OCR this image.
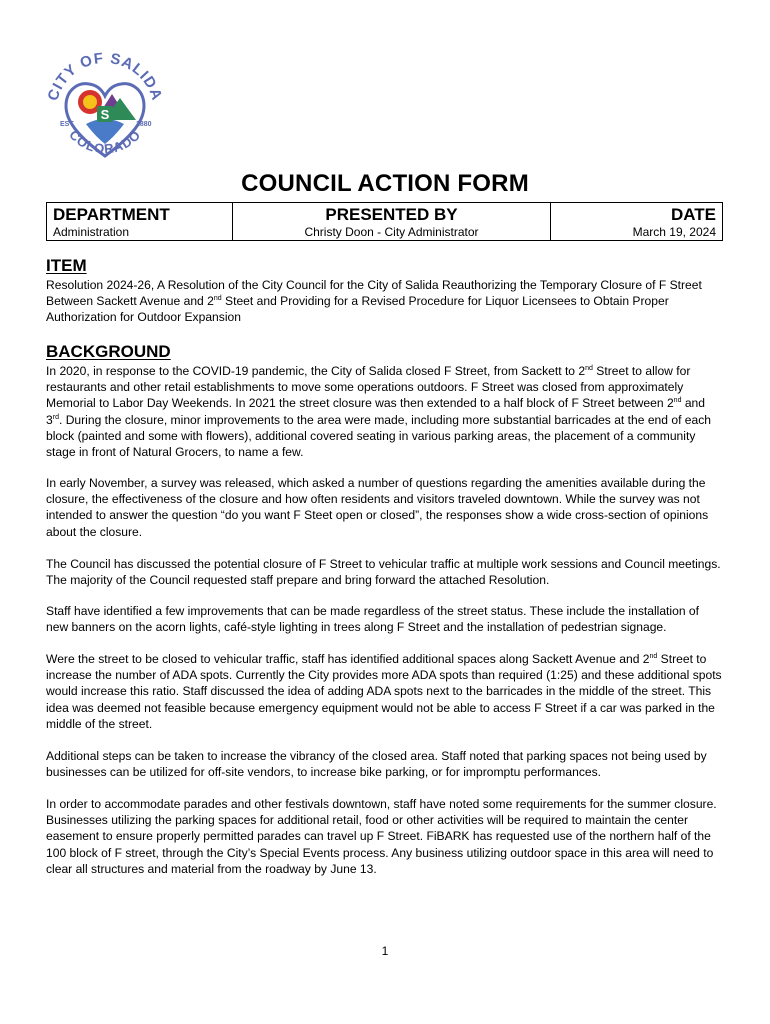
S
CITY OF SALIDA
COLORADO
EST.	1880
COUNCIL ACTION FORM
DEPARTMENT
Administration

PRESENTED BY
Christy Doon - City Administrator

DATE
March 19, 2024
ITEM

Resolution 2024-26, A Resolution of the City Council for the City of Salida Reauthorizing the Temporary Closure of F Street Between Sackett Avenue and 2nd Steet and Providing for a Revised Procedure for Liquor Licensees to Obtain Proper Authorization for Outdoor Expansion

BACKGROUND

In 2020, in response to the COVID-19 pandemic, the City of Salida closed F Street, from Sackett to 2nd Street to allow for restaurants and other retail establishments to move some operations outdoors. F Street was closed from approximately Memorial to Labor Day Weekends. In 2021 the street closure was then extended to a half block of F Street between 2nd and 3rd. During the closure, minor improvements to the area were made, including more substantial barricades at the end of each block (painted and some with flowers), additional covered seating in various parking areas, the placement of a community stage in front of Natural Grocers, to name a few.

In early November, a survey was released, which asked a number of questions regarding the amenities available during the closure, the effectiveness of the closure and how often residents and visitors traveled downtown. While the survey was not intended to answer the question “do you want F Steet open or closed”, the responses show a wide cross-section of opinions about the closure.

The Council has discussed the potential closure of F Street to vehicular traffic at multiple work sessions and Council meetings. The majority of the Council requested staff prepare and bring forward the attached Resolution.

Staff have identified a few improvements that can be made regardless of the street status. These include the installation of new banners on the acorn lights, café-style lighting in trees along F Street and the installation of pedestrian signage.

Were the street to be closed to vehicular traffic, staff has identified additional spaces along Sackett Avenue and 2nd Street to increase the number of ADA spots. Currently the City provides more ADA spots than required (1:25) and these additional spots would increase this ratio. Staff discussed the idea of adding ADA spots next to the barricades in the middle of the street. This idea was deemed not feasible because emergency equipment would not be able to access F Street if a car was parked in the middle of the street.

Additional steps can be taken to increase the vibrancy of the closed area. Staff noted that parking spaces not being used by businesses can be utilized for off-site vendors, to increase bike parking, or for impromptu performances.

In order to accommodate parades and other festivals downtown, staff have noted some requirements for the summer closure. Businesses utilizing the parking spaces for additional retail, food or other activities will be required to maintain the center easement to ensure properly permitted parades can travel up F Street. FiBARK has requested use of the northern half of the 100 block of F street, through the City’s Special Events process. Any business utilizing outdoor space in this area will need to clear all structures and material from the roadway by June 13.

1
